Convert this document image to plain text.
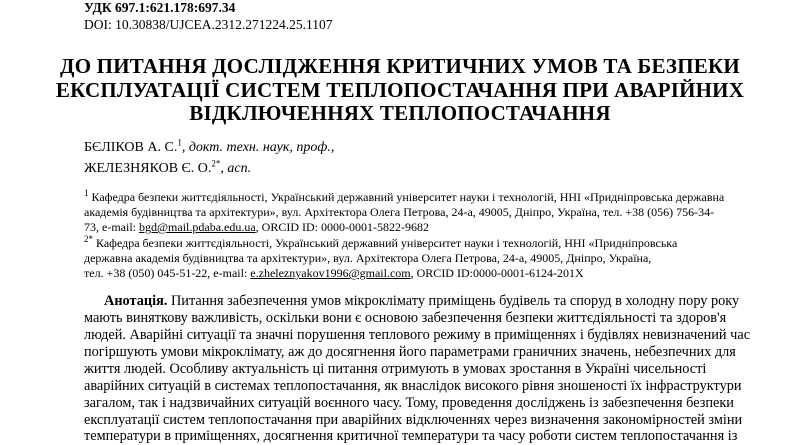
УДК 697.1:621.178:697.34
DOI: 10.30838/UJCEA.2312.271224.25.1107
ДО ПИТАННЯ ДОСЛІДЖЕННЯ КРИТИЧНИХ УМОВ ТА БЕЗПЕКИ
ЕКСПЛУАТАЦІЇ СИСТЕМ ТЕПЛОПОСТАЧАННЯ ПРИ АВАРІЙНИХ
ВІДКЛЮЧЕННЯХ ТЕПЛОПОСТАЧАННЯ
БЄЛІКОВ А. С.$^1$, докт. техн. наук, проф.,
ЖЕЛЕЗНЯКОВ Є. О.$^{2*}$, асп.
$^1$ Кафедра безпеки життєдіяльності, Український державний університет науки і технологій, ННІ «Придніпровська державна
академія будівництва та архітектури», вул. Архітектора Олега Петрова, 24-а, 49005, Дніпро, Україна, тел. +38 (056) 756-34-
73, e-mail: bgd@mail.pdaba.edu.ua, ORCID ID: 0000-0001-5822-9682
$^{2*}$ Кафедра безпеки життєдіяльності, Український державний університет науки і технологій, ННІ «Придніпровська
державна академія будівництва та архітектури», вул. Архітектора Олега Петрова, 24-а, 49005, Дніпро, Україна,
тел. +38 (050) 045-51-22, e-mail: e.zheleznyakov1996@gmail.com, ORCID ID:0000-0001-6124-201X
Анотація. Питання забезпечення умов мікроклімату приміщень будівель та споруд в холодну пору року
мають виняткову важливість, оскільки вони є основою забезпечення безпеки життєдіяльності та здоров'я
людей. Аварійні ситуації та значні порушення теплового режиму в приміщеннях і будівлях невизначений час
погіршують умови мікроклімату, аж до досягнення його параметрами граничних значень, небезпечних для
життя людей. Особливу актуальність ці питання отримують в умовах зростання в Україні чисельності
аварійних ситуацій в системах теплопостачання, як внаслідок високого рівня зношеності їх інфраструктури
загалом, так і надзвичайних ситуацій воєнного часу. Тому, проведення досліджень із забезпечення безпеки
експлуатації систем теплопостачання при аварійних відключеннях через визначення закономірностей зміни
температури в приміщеннях, досягнення критичної температури та часу роботи систем теплопостачання із
